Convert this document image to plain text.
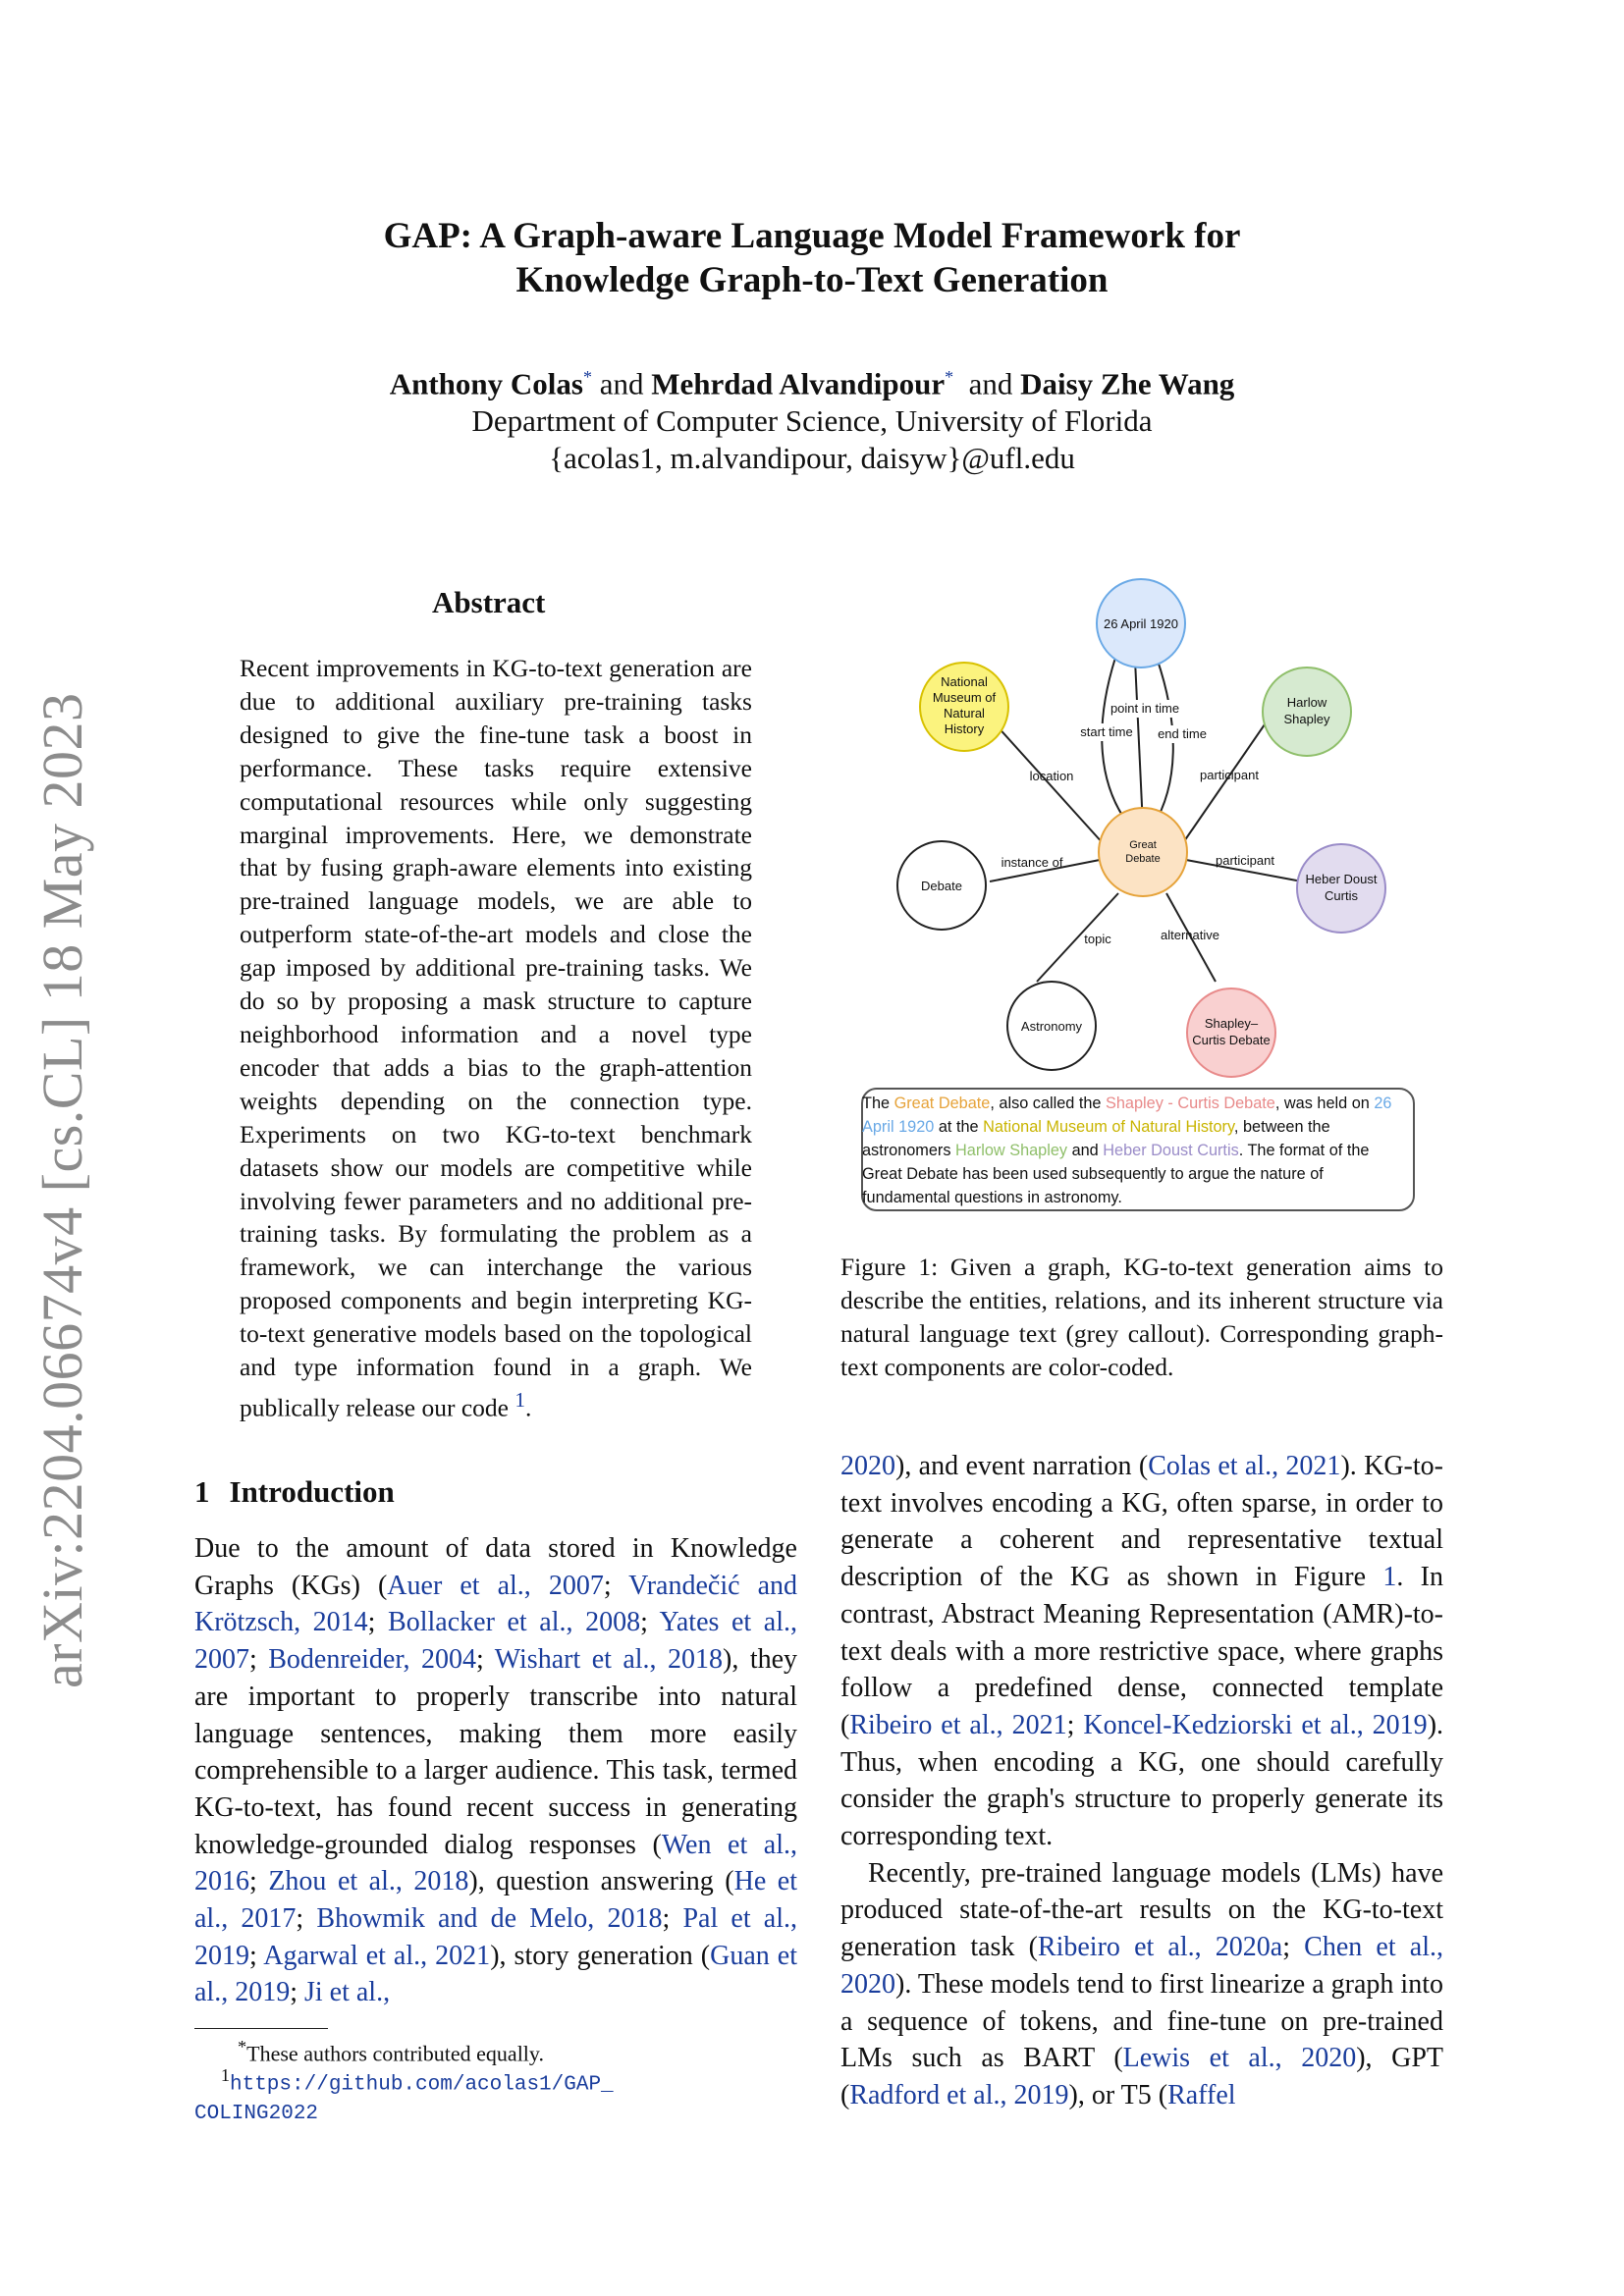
GAP: A Graph-aware Language Model Framework for
Knowledge Graph-to-Text Generation
Anthony Colas* and Mehrdad Alvandipour* and Daisy Zhe Wang
Department of Computer Science, University of Florida
{acolas1, m.alvandipour, daisyw}@ufl.edu
arXiv:2204.06674v4 [cs.CL] 18 May 2023
Abstract
Recent improvements in KG-to-text generation are due to additional auxiliary pre-training tasks designed to give the fine-tune task a boost in performance. These tasks require extensive computational resources while only suggesting marginal improvements. Here, we demonstrate that by fusing graph-aware elements into existing pre-trained language models, we are able to outperform state-of-the-art models and close the gap imposed by additional pre-training tasks. We do so by proposing a mask structure to capture neighborhood information and a novel type encoder that adds a bias to the graph-attention weights depending on the connection type. Experiments on two KG-to-text benchmark datasets show our models are competitive while involving fewer parameters and no additional pre-training tasks. By formulating the problem as a framework, we can interchange the various proposed components and begin interpreting KG-to-text generative models based on the topological and type information found in a graph. We publically release our code $^1$.
1 Introduction
Due to the amount of data stored in Knowledge Graphs (KGs) (Auer et al., 2007; Vrandečić and Krötzsch, 2014; Bollacker et al., 2008; Yates et al., 2007; Bodenreider, 2004; Wishart et al., 2018), they are important to properly transcribe into natural language sentences, making them more easily comprehensible to a larger audience. This task, termed KG-to-text, has found recent success in generating knowledge-grounded dialog responses (Wen et al., 2016; Zhou et al., 2018), question answering (He et al., 2017; Bhowmik and de Melo, 2018; Pal et al., 2019; Agarwal et al., 2021), story generation (Guan et al., 2019; Ji et al.,
*These authors contributed equally.
$^1$https://github.com/acolas1/GAP_
COLING2022
26 April 1920
National
Museum of
Natural
History
Harlow
Shapley
Great
Debate
Debate	Heber Doust
Curtis
Astronomy	Shapley–
Curtis Debate
point in time
start time end time
location	participant
instance of	participant
topic	alternative
The Great Debate, also called the Shapley - Curtis Debate, was held on 26 April 1920 at the National Museum of Natural History, between the astronomers Harlow Shapley and Heber Doust Curtis. The format of the Great Debate has been used subsequently to argue the nature of fundamental questions in astronomy.
Figure 1: Given a graph, KG-to-text generation aims to describe the entities, relations, and its inherent structure via natural language text (grey callout). Corresponding graph-text components are color-coded.

2020), and event narration (Colas et al., 2021). KG-to-text involves encoding a KG, often sparse, in order to generate a coherent and representative textual description of the KG as shown in Figure 1. In contrast, Abstract Meaning Representation (AMR)-to-text deals with a more restrictive space, where graphs follow a predefined dense, connected template (Ribeiro et al., 2021; Koncel-Kedziorski et al., 2019). Thus, when encoding a KG, one should carefully consider the graph's structure to properly generate its corresponding text.

Recently, pre-trained language models (LMs) have produced state-of-the-art results on the KG-to-text generation task (Ribeiro et al., 2020a; Chen et al., 2020). These models tend to first linearize a graph into a sequence of tokens, and fine-tune on pre-trained LMs such as BART (Lewis et al., 2020), GPT (Radford et al., 2019), or T5 (Raffel
